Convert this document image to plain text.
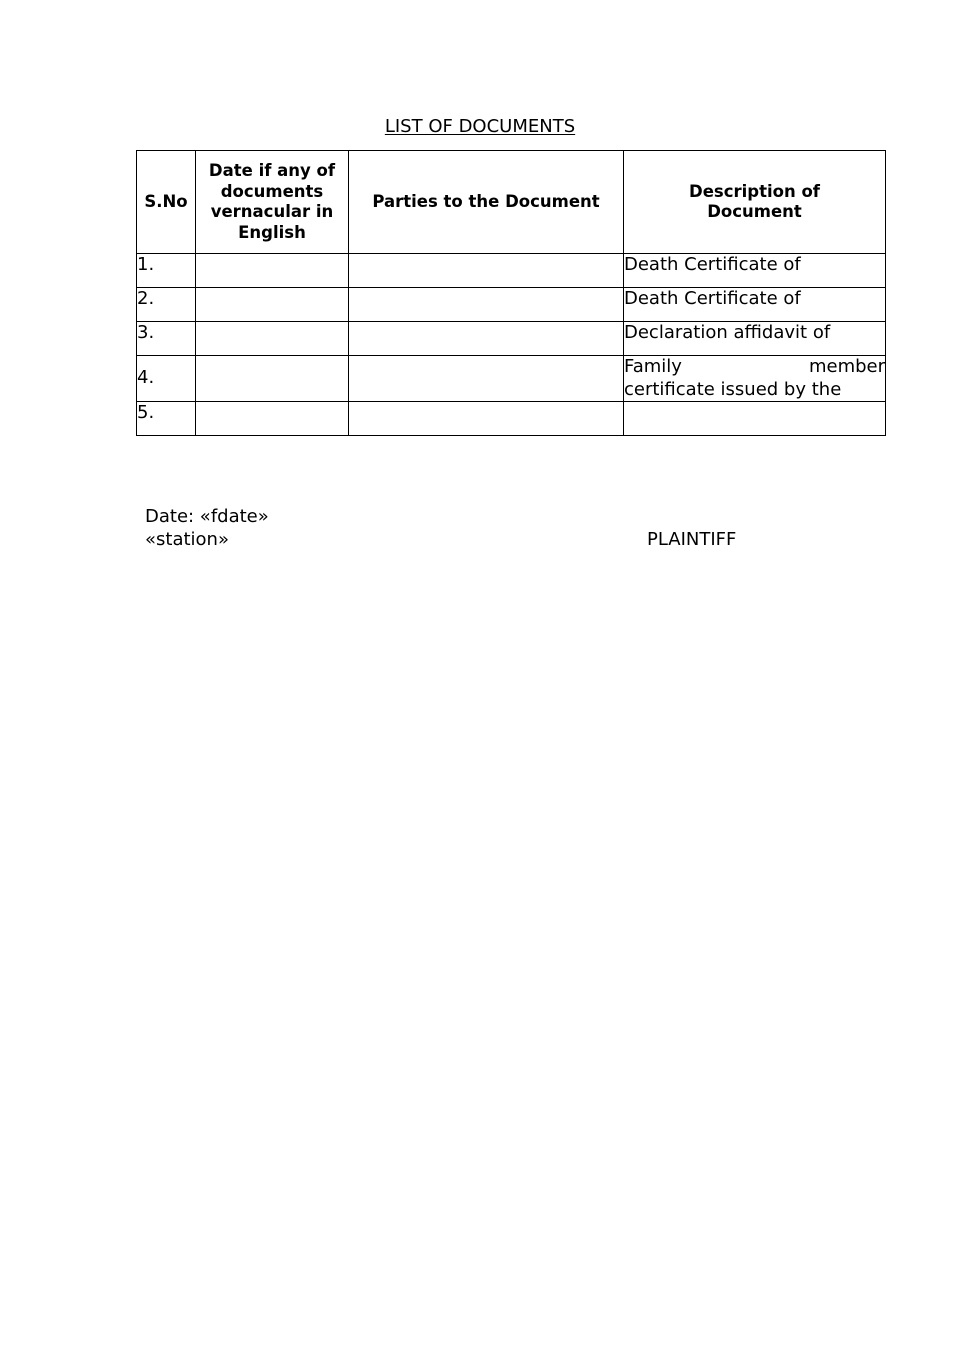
LIST OF DOCUMENTS
S.No	Date if any of documents vernacular in English	Parties to the Document	Description of Document

1.			Death Certificate of
2.			Death Certificate of
3.			Declaration affidavit of
4.			Family member
certificate issued by the

5.			
Date: «fdate»
«station»	PLAINTIFF
